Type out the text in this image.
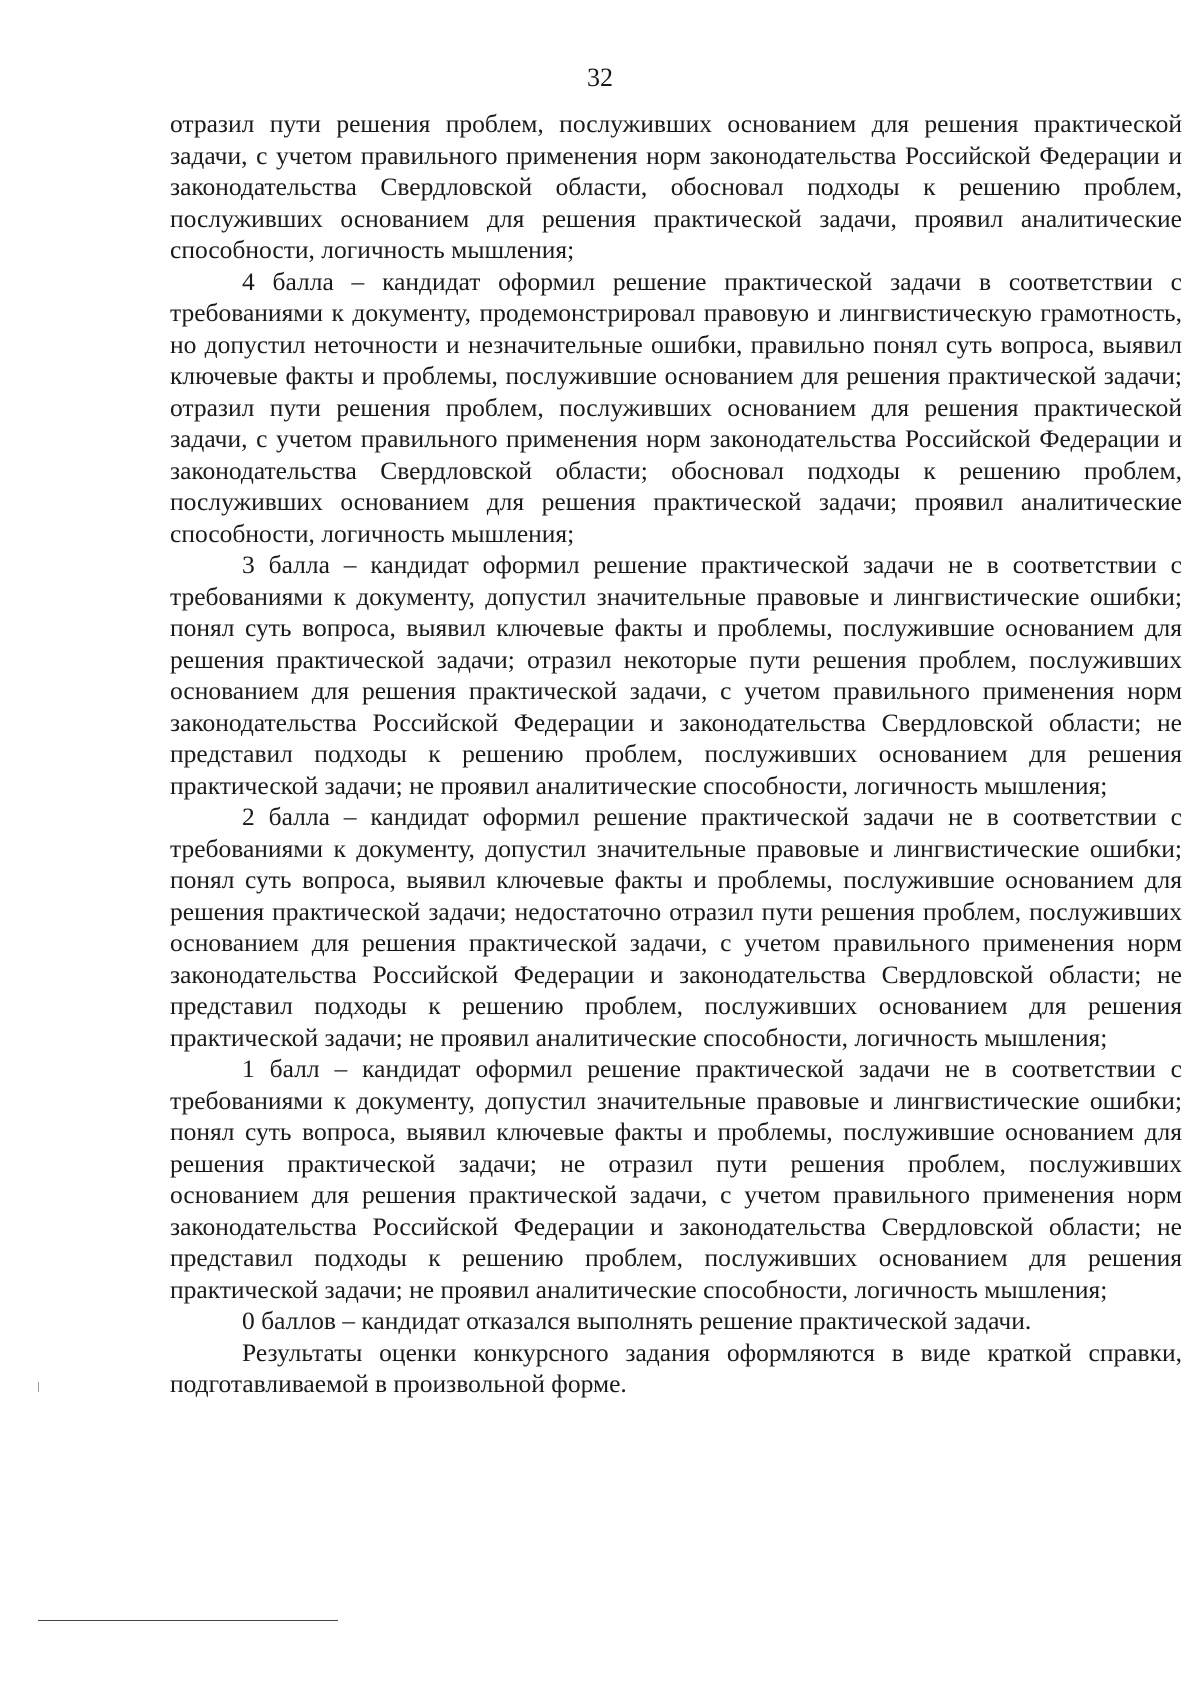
32

отразил пути решения проблем, послуживших основанием для решения практической задачи, с учетом правильного применения норм законодательства Российской Федерации и законодательства Свердловской области, обосновал подходы к решению проблем, послуживших основанием для решения практической задачи, проявил аналитические способности, логичность мышления;

4 балла – кандидат оформил решение практической задачи в соответствии с требованиями к документу, продемонстрировал правовую и лингвистическую грамотность, но допустил неточности и незначительные ошибки, правильно понял суть вопроса, выявил ключевые факты и проблемы, послужившие основанием для решения практической задачи; отразил пути решения проблем, послуживших основанием для решения практической задачи, с учетом правильного применения норм законодательства Российской Федерации и законодательства Свердловской области; обосновал подходы к решению проблем, послуживших основанием для решения практической задачи; проявил аналитические способности, логичность мышления;

3 балла – кандидат оформил решение практической задачи не в соответствии с требованиями к документу, допустил значительные правовые и лингвистические ошибки; понял суть вопроса, выявил ключевые факты и проблемы, послужившие основанием для решения практической задачи; отразил некоторые пути решения проблем, послуживших основанием для решения практической задачи, с учетом правильного применения норм законодательства Российской Федерации и законодательства Свердловской области; не представил подходы к решению проблем, послуживших основанием для решения практической задачи; не проявил аналитические способности, логичность мышления;

2 балла – кандидат оформил решение практической задачи не в соответствии с требованиями к документу, допустил значительные правовые и лингвистические ошибки; понял суть вопроса, выявил ключевые факты и проблемы, послужившие основанием для решения практической задачи; недостаточно отразил пути решения проблем, послуживших основанием для решения практической задачи, с учетом правильного применения норм законодательства Российской Федерации и законодательства Свердловской области; не представил подходы к решению проблем, послуживших основанием для решения практической задачи; не проявил аналитические способности, логичность мышления;

1 балл – кандидат оформил решение практической задачи не в соответствии с требованиями к документу, допустил значительные правовые и лингвистические ошибки; понял суть вопроса, выявил ключевые факты и проблемы, послужившие основанием для решения практической задачи; не отразил пути решения проблем, послуживших основанием для решения практической задачи, с учетом правильного применения норм законодательства Российской Федерации и законодательства Свердловской области; не представил подходы к решению проблем, послуживших основанием для решения практической задачи; не проявил аналитические способности, логичность мышления;

0 баллов – кандидат отказался выполнять решение практической задачи.

Результаты оценки конкурсного задания оформляются в виде краткой справки, подготавливаемой в произвольной форме.
